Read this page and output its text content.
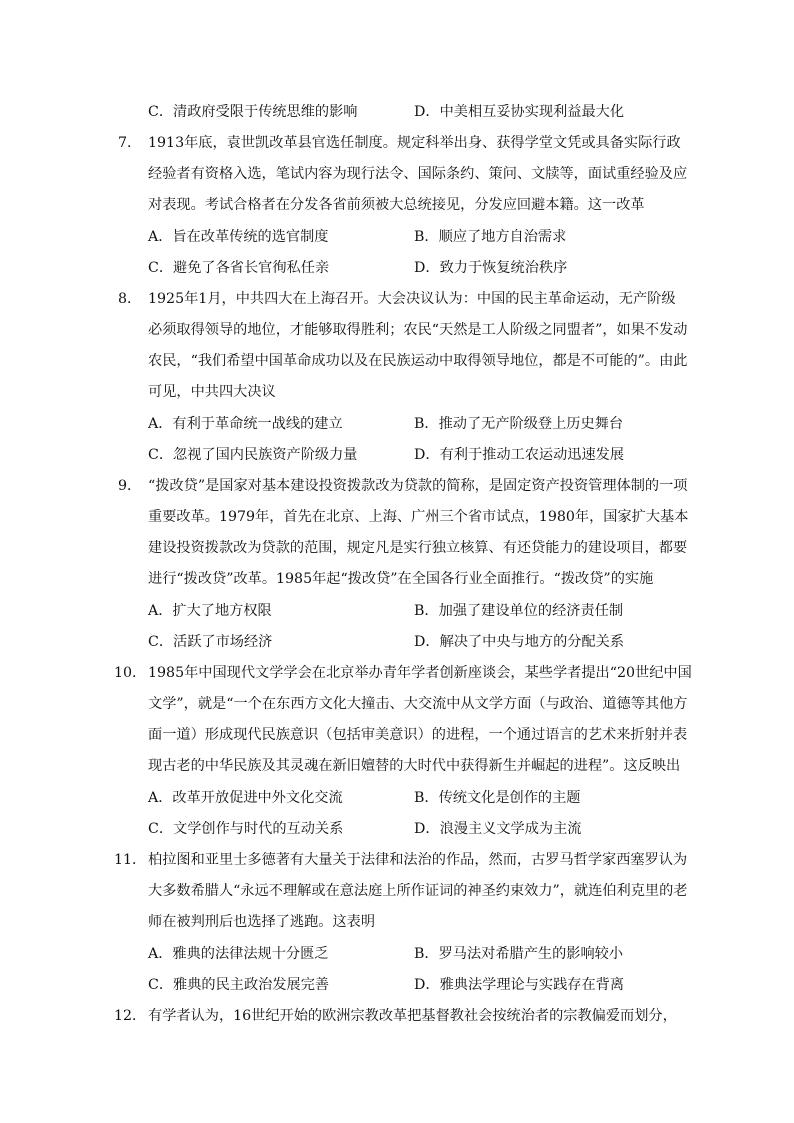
C．清政府受限于传统思维的影响	D．中美相互妥协实现利益最大化
7． 1913年底，袁世凯改革县官选任制度。规定科举出身、获得学堂文凭或具备实际行政
经验者有资格入选，笔试内容为现行法令、国际条约、策问、文牍等，面试重经验及应
对表现。考试合格者在分发各省前须被大总统接见，分发应回避本籍。这一改革
A．旨在改革传统的选官制度	B．顺应了地方自治需求
C．避免了各省长官徇私任亲	D．致力于恢复统治秩序
8． 1925年1月，中共四大在上海召开。大会决议认为：中国的民主革命运动，无产阶级
必须取得领导的地位，才能够取得胜利；农民“天然是工人阶级之同盟者”，如果不发动
农民，“我们希望中国革命成功以及在民族运动中取得领导地位，都是不可能的”。由此
可见，中共四大决议
A．有利于革命统一战线的建立	B．推动了无产阶级登上历史舞台
C．忽视了国内民族资产阶级力量	D．有利于推动工农运动迅速发展
9． “拨改贷”是国家对基本建设投资拨款改为贷款的简称，是固定资产投资管理体制的一项
重要改革。1979年，首先在北京、上海、广州三个省市试点，1980年，国家扩大基本
建设投资拨款改为贷款的范围，规定凡是实行独立核算、有还贷能力的建设项目，都要
进行“拨改贷”改革。1985年起“拨改贷”在全国各行业全面推行。“拨改贷”的实施
A．扩大了地方权限	B．加强了建设单位的经济责任制
C．活跃了市场经济	D．解决了中央与地方的分配关系
10． 1985年中国现代文学学会在北京举办青年学者创新座谈会，某些学者提出“20世纪中国
文学”，就是“一个在东西方文化大撞击、大交流中从文学方面（与政治、道德等其他方
面一道）形成现代民族意识（包括审美意识）的进程，一个通过语言的艺术来折射并表
现古老的中华民族及其灵魂在新旧嬗替的大时代中获得新生并崛起的进程”。这反映出
A．改革开放促进中外文化交流	B．传统文化是创作的主题
C．文学创作与时代的互动关系	D．浪漫主义文学成为主流
11． 柏拉图和亚里士多德著有大量关于法律和法治的作品，然而，古罗马哲学家西塞罗认为
大多数希腊人“永远不理解或在意法庭上所作证词的神圣约束效力”，就连伯利克里的老
师在被判刑后也选择了逃跑。这表明
A．雅典的法律法规十分匮乏	B．罗马法对希腊产生的影响较小
C．雅典的民主政治发展完善	D．雅典法学理论与实践存在背离
12． 有学者认为，16世纪开始的欧洲宗教改革把基督教社会按统治者的宗教偏爱而划分，
